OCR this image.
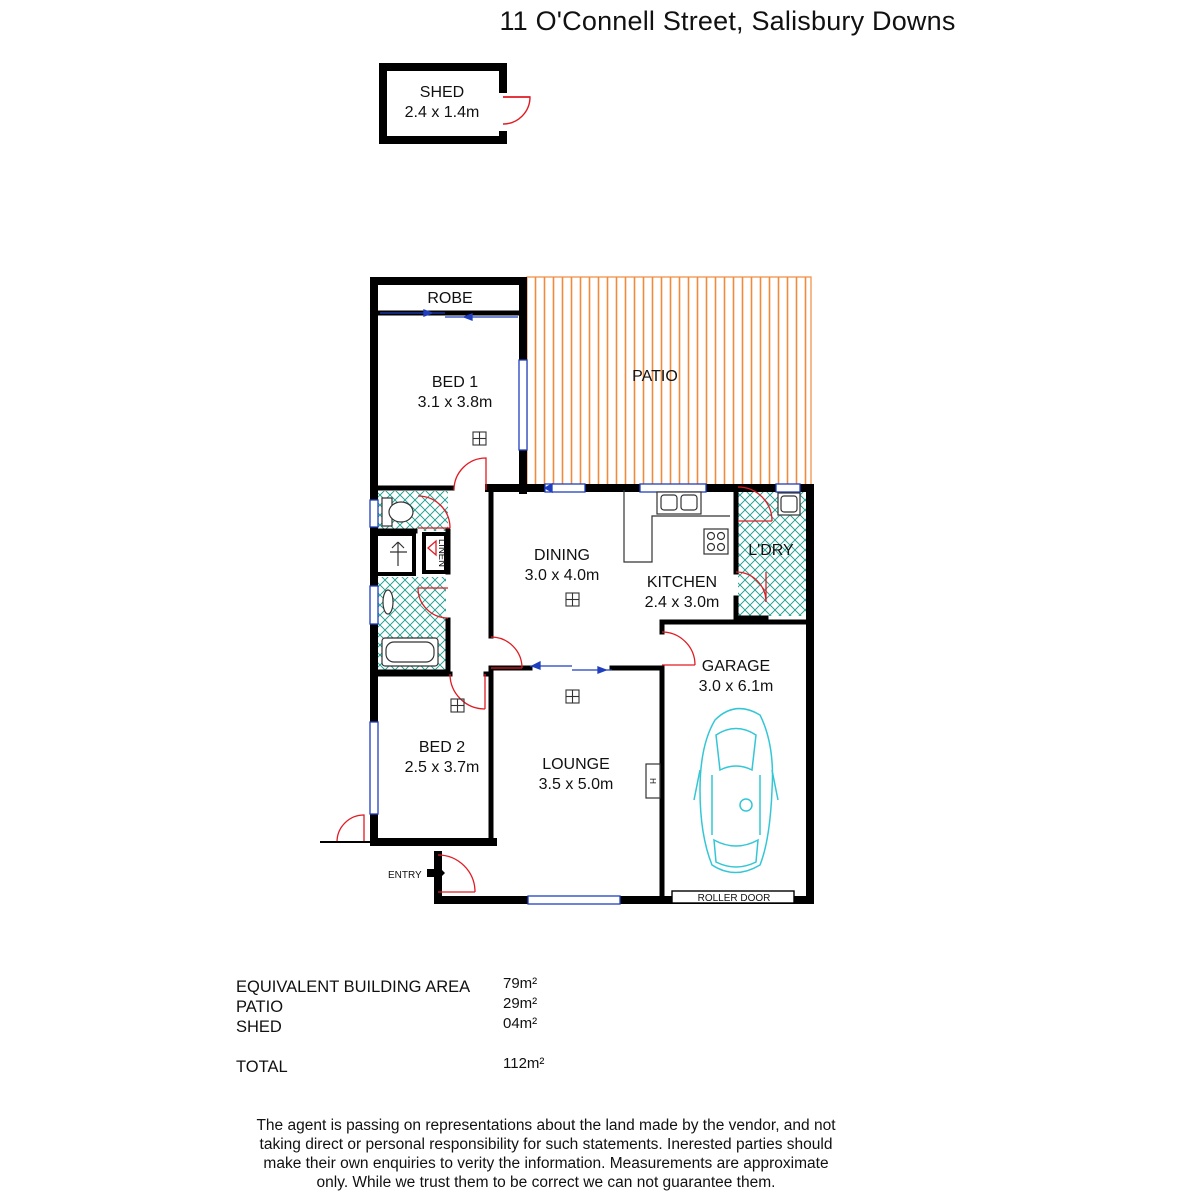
11 O'Connell Street, Salisbury Downs
SHED
2.4 x 1.4m
ROBE
BED 1
3.1 x 3.8m
PATIO
DINING
3.0 x 4.0m	KITCHEN
2.4 x 3.0m
L'DRY
GARAGE
3.0 x 6.1m
BED 2
2.5 x 3.7m	LOUNGE
3.5 x 5.0m
LINEN
H
ENTRY
ROLLER DOOR
EQUIVALENT BUILDING AREA 79m²
PATIO	29m²
SHED	04m²
TOTAL	112m²
The agent is passing on representations about the land made by the vendor, and not taking direct or personal responsibility for such statements. Inerested parties should make their own enquiries to verity the information. Measurements are approximate only. While we trust them to be correct we can not guarantee them.
